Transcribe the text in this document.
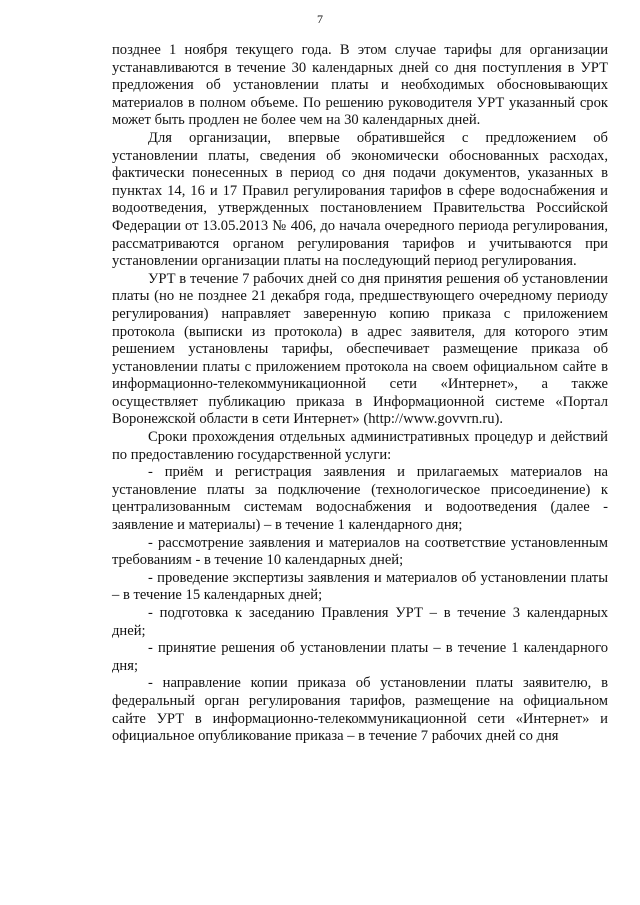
7

позднее 1 ноября текущего года. В этом случае тарифы для организации устанавливаются в течение 30 календарных дней со дня поступления в УРТ предложения об установлении платы и необходимых обосновывающих материалов в полном объеме. По решению руководителя УРТ указанный срок может быть продлен не более чем на 30 календарных дней.

Для организации, впервые обратившейся с предложением об установлении платы, сведения об экономически обоснованных расходах, фактически понесенных в период со дня подачи документов, указанных в пунктах 14, 16 и 17 Правил регулирования тарифов в сфере водоснабжения и водоотведения, утвержденных постановлением Правительства Российской Федерации от 13.05.2013 № 406, до начала очередного периода регулирования, рассматриваются органом регулирования тарифов и учитываются при установлении организации платы на последующий период регулирования.

УРТ в течение 7 рабочих дней со дня принятия решения об установлении платы (но не позднее 21 декабря года, предшествующего очередному периоду регулирования) направляет заверенную копию приказа с приложением протокола (выписки из протокола) в адрес заявителя, для которого этим решением установлены тарифы, обеспечивает размещение приказа об установлении платы с приложением протокола на своем официальном сайте в информационно-телекоммуникационной сети «Интернет», а также осуществляет публикацию приказа в Информационной системе «Портал Воронежской области в сети Интернет» (http://www.govvrn.ru).

Сроки прохождения отдельных административных процедур и действий по предоставлению государственной услуги:

- приём и регистрация заявления и прилагаемых материалов на установление платы за подключение (технологическое присоединение) к централизованным системам водоснабжения и водоотведения (далее - заявление и материалы) – в течение 1 календарного дня;

- рассмотрение заявления и материалов на соответствие установленным требованиям - в течение 10 календарных дней;

- проведение экспертизы заявления и материалов об установлении платы – в течение 15 календарных дней;

- подготовка к заседанию Правления УРТ – в течение 3 календарных дней;

- принятие решения об установлении платы – в течение 1 календарного дня;

- направление копии приказа об установлении платы заявителю, в федеральный орган регулирования тарифов, размещение на официальном сайте УРТ в информационно-телекоммуникационной сети «Интернет» и официальное опубликование приказа – в течение 7 рабочих дней со дня
